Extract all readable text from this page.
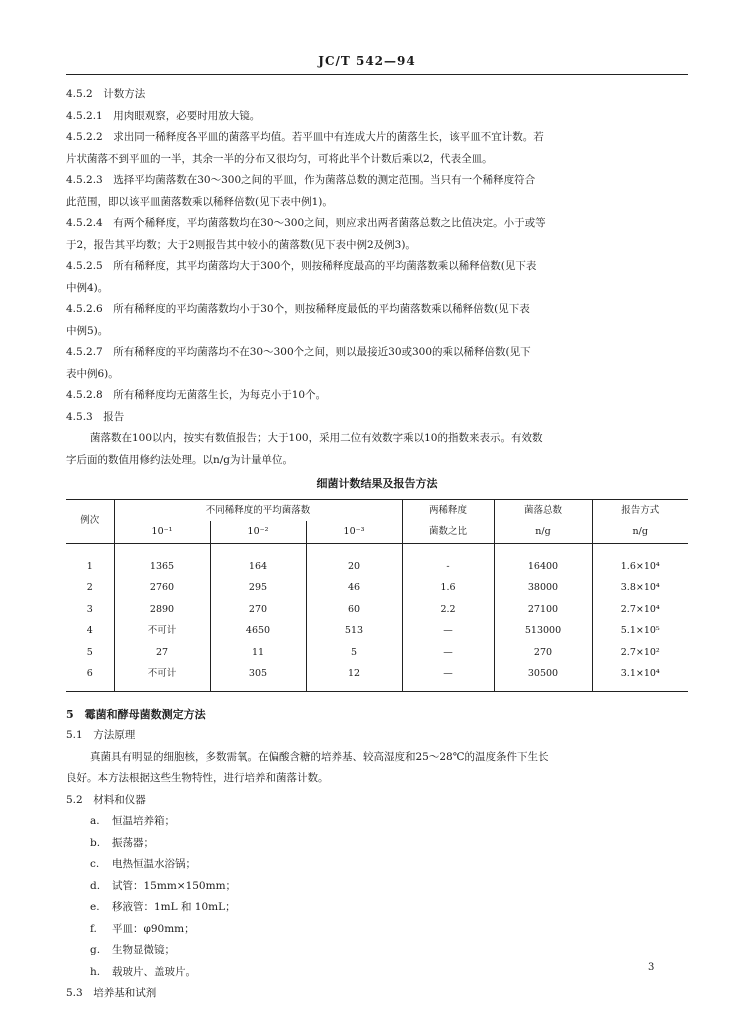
JC/T 542—94

4.5.2　计数方法

4.5.2.1　用肉眼观察，必要时用放大镜。

4.5.2.2　求出同一稀释度各平皿的菌落平均值。若平皿中有连成大片的菌落生长，该平皿不宜计数。若

片状菌落不到平皿的一半，其余一半的分布又很均匀，可将此半个计数后乘以2，代表全皿。

4.5.2.3　选择平均菌落数在30～300之间的平皿，作为菌落总数的测定范围。当只有一个稀释度符合

此范围，即以该平皿菌落数乘以稀释倍数(见下表中例1)。

4.5.2.4　有两个稀释度，平均菌落数均在30～300之间，则应求出两者菌落总数之比值决定。小于或等

于2，报告其平均数；大于2则报告其中较小的菌落数(见下表中例2及例3)。

4.5.2.5　所有稀释度，其平均菌落均大于300个，则按稀释度最高的平均菌落数乘以稀释倍数(见下表

中例4)。

4.5.2.6　所有稀释度的平均菌落数均小于30个，则按稀释度最低的平均菌落数乘以稀释倍数(见下表

中例5)。

4.5.2.7　所有稀释度的平均菌落均不在30～300个之间，则以最接近30或300的乘以稀释倍数(见下

表中例6)。

4.5.2.8　所有稀释度均无菌落生长，为每克小于10个。

4.5.3　报告

菌落数在100以内，按实有数值报告；大于100，采用二位有效数字乘以10的指数来表示。有效数

字后面的数值用修约法处理。以n/g为计量单位。

细菌计数结果及报告方法
例次	不同稀释度的平均菌落数			两稀释度	菌落总数	报告方式
	10⁻¹	10⁻²	10⁻³	菌数之比	n/g	n/g
1	1365	164	20	-	16400	1.6×10⁴
2	2760	295	46	1.6	38000	3.8×10⁴
3	2890	270	60	2.2	27100	2.7×10⁴
4	不可计	4650	513	—	513000	5.1×10⁵
5	27	11	5	—	270	2.7×10²
6	不可计	305	12	—	30500	3.1×10⁴

5　霉菌和酵母菌数测定方法

5.1　方法原理

真菌具有明显的细胞核，多数需氧。在偏酸含糖的培养基、较高湿度和25～28℃的温度条件下生长

良好。本方法根据这些生物特性，进行培养和菌落计数。

5.2　材料和仪器

a. 恒温培养箱；

b. 振荡器；

c. 电热恒温水浴锅；

d. 试管：15mm×150mm；

e. 移液管：1mL 和 10mL；

f. 平皿：φ90mm；

g. 生物显微镜；

h. 载玻片、盖玻片。

5.3　培养基和试剂

3
